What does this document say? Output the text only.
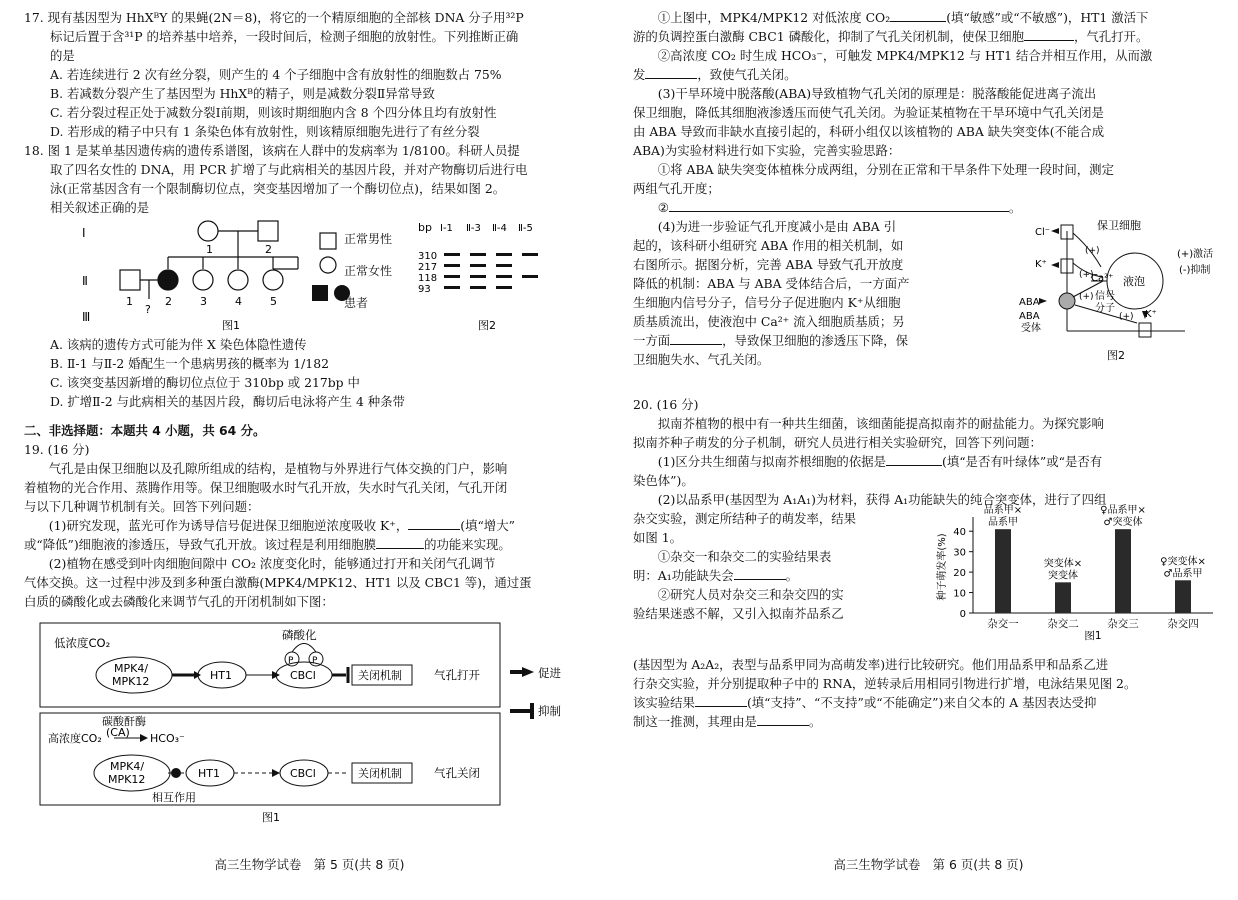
17. 现有基因型为 HhXᴮY 的果蝇(2N＝8)，将它的一个精原细胞的全部核 DNA 分子用³²P

标记后置于含³¹P 的培养基中培养，一段时间后，检测子细胞的放射性。下列推断正确

的是

A. 若连续进行 2 次有丝分裂，则产生的 4 个子细胞中含有放射性的细胞数占 75%

B. 若减数分裂产生了基因型为 HhXᴮ的精子，则是减数分裂Ⅱ异常导致

C. 若分裂过程正处于减数分裂Ⅰ前期，则该时期细胞内含 8 个四分体且均有放射性

D. 若形成的精子中只有 1 条染色体有放射性，则该精原细胞先进行了有丝分裂

18. 图 1 是某单基因遗传病的遗传系谱图，该病在人群中的发病率为 1/8100。科研人员提

取了四名女性的 DNA，用 PCR 扩增了与此病相关的基因片段，并对产物酶切后进行电

泳(正常基因含有一个限制酶切位点，突变基因增加了一个酶切位点)，结果如图 2。

相关叙述正确的是

Ⅰ
Ⅱ
Ⅲ
1	2
1	2	3	4	5
?
图1
正常男性
正常女性
患者
bp Ⅰ-1 Ⅱ-3 Ⅱ-4 Ⅱ-5
310
217
118
93
图2

A. 该病的遗传方式可能为伴 X 染色体隐性遗传

B. Ⅱ-1 与Ⅱ-2 婚配生一个患病男孩的概率为 1/182

C. 该突变基因新增的酶切位点位于 310bp 或 217bp 中

D. 扩增Ⅱ-2 与此病相关的基因片段，酶切后电泳将产生 4 种条带

二、非选择题：本题共 4 小题，共 64 分。

19. (16 分)

气孔是由保卫细胞以及孔隙所组成的结构，是植物与外界进行气体交换的门户，影响

着植物的光合作用、蒸腾作用等。保卫细胞吸水时气孔开放，失水时气孔关闭，气孔开闭

与以下几种调节机制有关。回答下列问题：

(1)研究发现，蓝光可作为诱导信号促进保卫细胞逆浓度吸收 K⁺，	(填“增大”

或“降低”)细胞液的渗透压，导致气孔开放。该过程是利用细胞膜	的功能来实现。

(2)植物在感受到叶肉细胞间隙中 CO₂ 浓度变化时，能够通过打开和关闭气孔调节

气体交换。这一过程中涉及到多种蛋白激酶(MPK4/MPK12、HT1 以及 CBC1 等)，通过蛋

白质的磷酸化或去磷酸化来调节气孔的开闭机制如下图：

低浓度CO₂
磷酸化
MPK4/
MPK12	HT1	CBCl
P P
关闭机制	气孔打开
碳酸酐酶
(CA)
高浓度CO₂	HCO₃⁻
MPK4/
MPK12	HT1	CBCl	关闭机制	气孔关闭
相互作用
促进
抑制
图1
高三生物学试卷　第 5 页(共 8 页)

①上图中，MPK4/MPK12 对低浓度 CO₂	(填“敏感”或“不敏感”)，HT1 激活下

游的负调控蛋白激酶 CBC1 磷酸化，抑制了气孔关闭机制，使保卫细胞	，气孔打开。

②高浓度 CO₂ 时生成 HCO₃⁻，可触发 MPK4/MPK12 与 HT1 结合并相互作用，从而激

发	，致使气孔关闭。

(3)干旱环境中脱落酸(ABA)导致植物气孔关闭的原理是：脱落酸能促进离子流出

保卫细胞，降低其细胞液渗透压而使气孔关闭。为验证某植物在干旱环境中气孔关闭是

由 ABA 导致而非缺水直接引起的，科研小组仅以该植物的 ABA 缺失突变体(不能合成

ABA)为实验材料进行如下实验，完善实验思路：

①将 ABA 缺失突变体植株分成两组，分别在正常和干旱条件下处理一段时间，测定

两组气孔开度；

②	。

(4)为进一步验证气孔开度减小是由 ABA 引

起的，该科研小组研究 ABA 作用的相关机制，如

右图所示。据图分析，完善 ABA 导致气孔开放度

降低的机制：ABA 与 ABA 受体结合后，一方面产

生细胞内信号分子，信号分子促进胞内 K⁺从细胞

质基质流出，使液泡中 Ca²⁺ 流入细胞质基质；另

一方面	，导致保卫细胞的渗透压下降，保

卫细胞失水、气孔关闭。

保卫细胞
Cl⁻
K⁺
(+)
(+)
Ca²⁺ 液泡
(+) 信号
分子
(+) K⁺
ABA
ABA
受体
(+)激活
(-)抑制
图2

20. (16 分)

拟南芥植物的根中有一种共生细菌，该细菌能提高拟南芥的耐盐能力。为探究影响

拟南芥种子萌发的分子机制，研究人员进行相关实验研究，回答下列问题：

(1)区分共生细菌与拟南芥根细胞的依据是	(填“是否有叶绿体”或“是否有

染色体”)。

(2)以品系甲(基因型为 A₁A₁)为材料，获得 A₁功能缺失的纯合突变体，进行了四组

杂交实验，测定所结种子的萌发率，结果

如图 1。

①杂交一和杂交二的实验结果表

明：A₁功能缺失会	。

②研究人员对杂交三和杂交四的实

验结果迷惑不解，又引入拟南芥品系乙	0
10
20
30
40
种子萌发率(%)
杂交一
品系甲×
品系甲
杂交二
突变体×
突变体
杂交三
♀品系甲×
♂突变体
杂交四
♀突变体×
♂品系甲
图1

(基因型为 A₂A₂，表型与品系甲同为高萌发率)进行比较研究。他们用品系甲和品系乙进

行杂交实验，并分别提取种子中的 RNA，逆转录后用相同引物进行扩增，电泳结果见图 2。

该实验结果	(填“支持”、“不支持”或“不能确定”)来自父本的 A 基因表达受抑

制这一推测，其理由是	。

高三生物学试卷　第 6 页(共 8 页)
